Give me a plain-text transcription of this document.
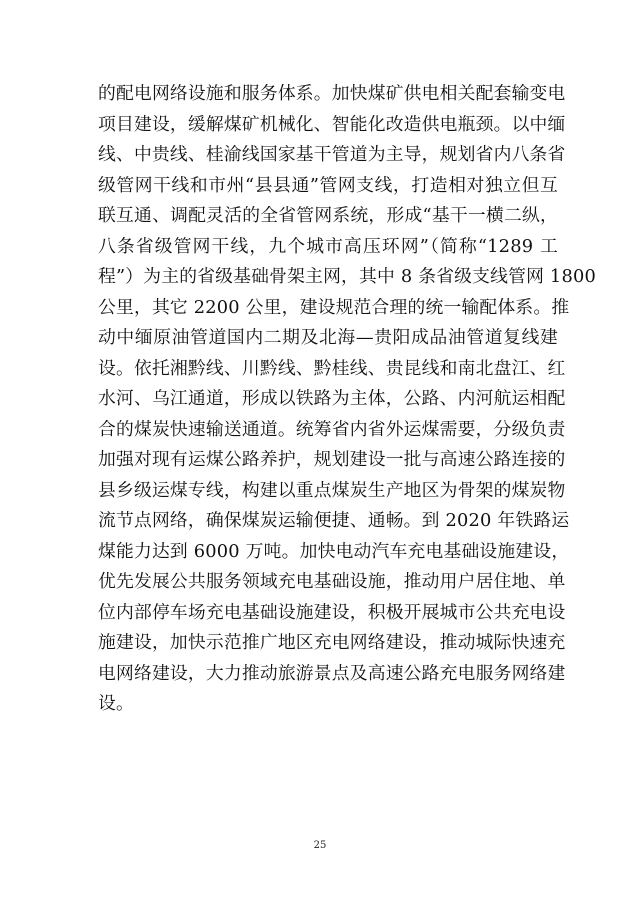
的配电网络设施和服务体系。加快煤矿供电相关配套输变电
项目建设，缓解煤矿机械化、智能化改造供电瓶颈。以中缅
线、中贵线、桂渝线国家基干管道为主导，规划省内八条省
级管网干线和市州“县县通”管网支线，打造相对独立但互
联互通、调配灵活的全省管网系统，形成“基干一横二纵，
八条省级管网干线，九个城市高压环网”（简称“1289 工
程”）为主的省级基础骨架主网，其中 8 条省级支线管网 1800
公里，其它 2200 公里，建设规范合理的统一输配体系。推
动中缅原油管道国内二期及北海—贵阳成品油管道复线建
设。依托湘黔线、川黔线、黔桂线、贵昆线和南北盘江、红
水河、乌江通道，形成以铁路为主体，公路、内河航运相配
合的煤炭快速输送通道。统筹省内省外运煤需要，分级负责
加强对现有运煤公路养护，规划建设一批与高速公路连接的
县乡级运煤专线，构建以重点煤炭生产地区为骨架的煤炭物
流节点网络，确保煤炭运输便捷、通畅。到 2020 年铁路运
煤能力达到 6000 万吨。加快电动汽车充电基础设施建设，
优先发展公共服务领域充电基础设施，推动用户居住地、单
位内部停车场充电基础设施建设，积极开展城市公共充电设
施建设，加快示范推广地区充电网络建设，推动城际快速充
电网络建设，大力推动旅游景点及高速公路充电服务网络建
设。
25
